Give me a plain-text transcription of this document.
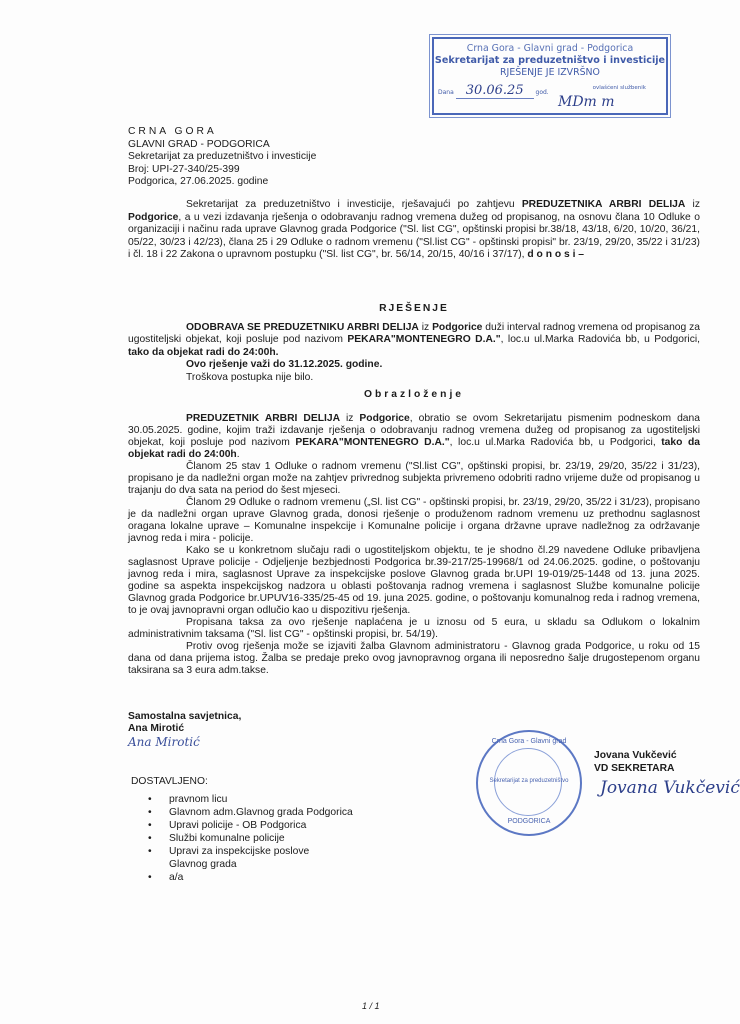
Crna Gora - Glavni grad - Podgorica
Sekretarijat za preduzetništvo i investicije
RJEŠENJE JE IZVRŠNO
Dana 30.06.25 god.
ovlašćeni službenik
MDm m
CRNA GORA
GLAVNI GRAD - PODGORICA
Sekretarijat za preduzetništvo i investicije
Broj: UPI-27-340/25-399
Podgorica, 27.06.2025. godine

Sekretarijat za preduzetništvo i investicije, rješavajući po zahtjevu PREDUZETNIKA ARBRI DELIJA iz Podgorice, a u vezi izdavanja rješenja o odobravanju radnog vremena dužeg od propisanog, na osnovu člana 10 Odluke o organizaciji i načinu rada uprave Glavnog grada Podgorice ("Sl. list CG", opštinski propisi br.38/18, 43/18, 6/20, 10/20, 36/21, 05/22, 30/23 i 42/23), člana 25 i 29 Odluke o radnom vremenu ("Sl.list CG" - opštinski propisi" br. 23/19, 29/20, 35/22 i 31/23) i čl. 18 i 22 Zakona o upravnom postupku ("Sl. list CG", br. 56/14, 20/15, 40/16 i 37/17), d o n o s i –

RJEŠENJE

ODOBRAVA SE PREDUZETNIKU ARBRI DELIJA iz Podgorice duži interval radnog vremena od propisanog za ugostiteljski objekat, koji posluje pod nazivom PEKARA"MONTENEGRO D.A.", loc.u ul.Marka Radovića bb, u Podgorici, tako da objekat radi do 24:00h.

Ovo rješenje važi do 31.12.2025. godine.

Troškova postupka nije bilo.

Obrazloženje

PREDUZETNIK ARBRI DELIJA iz Podgorice, obratio se ovom Sekretarijatu pismenim podneskom dana 30.05.2025. godine, kojim traži izdavanje rješenja o odobravanju radnog vremena dužeg od propisanog za ugostiteljski objekat, koji posluje pod nazivom PEKARA"MONTENEGRO D.A.", loc.u ul.Marka Radovića bb, u Podgorici, tako da objekat radi do 24:00h.

Članom 25 stav 1 Odluke o radnom vremenu ("Sl.list CG", opštinski propisi, br. 23/19, 29/20, 35/22 i 31/23), propisano je da nadležni organ može na zahtjev privrednog subjekta privremeno odobriti radno vrijeme duže od propisanog u trajanju do dva sata na period do šest mjeseci.

Članom 29 Odluke o radnom vremenu („Sl. list CG" - opštinski propisi, br. 23/19, 29/20, 35/22 i 31/23), propisano je da nadležni organ uprave Glavnog grada, donosi rješenje o produženom radnom vremenu uz prethodnu saglasnost oragana lokalne uprave – Komunalne inspekcije i Komunalne policije i organa državne uprave nadležnog za održavanje javnog reda i mira - policije.

Kako se u konkretnom slučaju radi o ugostiteljskom objektu, te je shodno čl.29 navedene Odluke pribavljena saglasnost Uprave policije - Odjeljenje bezbjednosti Podgorica br.39-217/25-19968/1 od 24.06.2025. godine, o poštovanju javnog reda i mira, saglasnost Uprave za inspekcijske poslove Glavnog grada br.UPI 19-019/25-1448 od 13. juna 2025. godine sa aspekta inspekcijskog nadzora u oblasti poštovanja radnog vremena i saglasnost Službe komunalne policije Glavnog grada Podgorice br.UPUV16-335/25-45 od 19. juna 2025. godine, o poštovanju komunalnog reda i radnog vremena, to je ovaj javnopravni organ odlučio kao u dispozitivu rješenja.

Propisana taksa za ovo rješenje naplaćena je u iznosu od 5 eura, u skladu sa Odlukom o lokalnim administrativnim taksama ("Sl. list CG" - opštinski propisi, br. 54/19).

Protiv ovog rješenja može se izjaviti žalba Glavnom administratoru - Glavnog grada Podgorice, u roku od 15 dana od dana prijema istog. Žalba se predaje preko ovog javnopravnog organa ili neposredno šalje drugostepenom organu taksirana sa 3 eura adm.takse.

Samostalna savjetnica,
Ana Mirotić
Ana Mirotić
DOSTAVLJENO:
• pravnom licu
• Glavnom adm.Glavnog grada Podgorica
• Upravi policije - OB Podgorica
• Službi komunalne policije
• Upravi za inspekcijske poslove Glavnog grada
• a/a
Crna Gora - Glavni grad
Sekretarijat za preduzetništvo
PODGORICA
Jovana Vukčević
VD SEKRETARA
Jovana Vukčević
1 / 1
